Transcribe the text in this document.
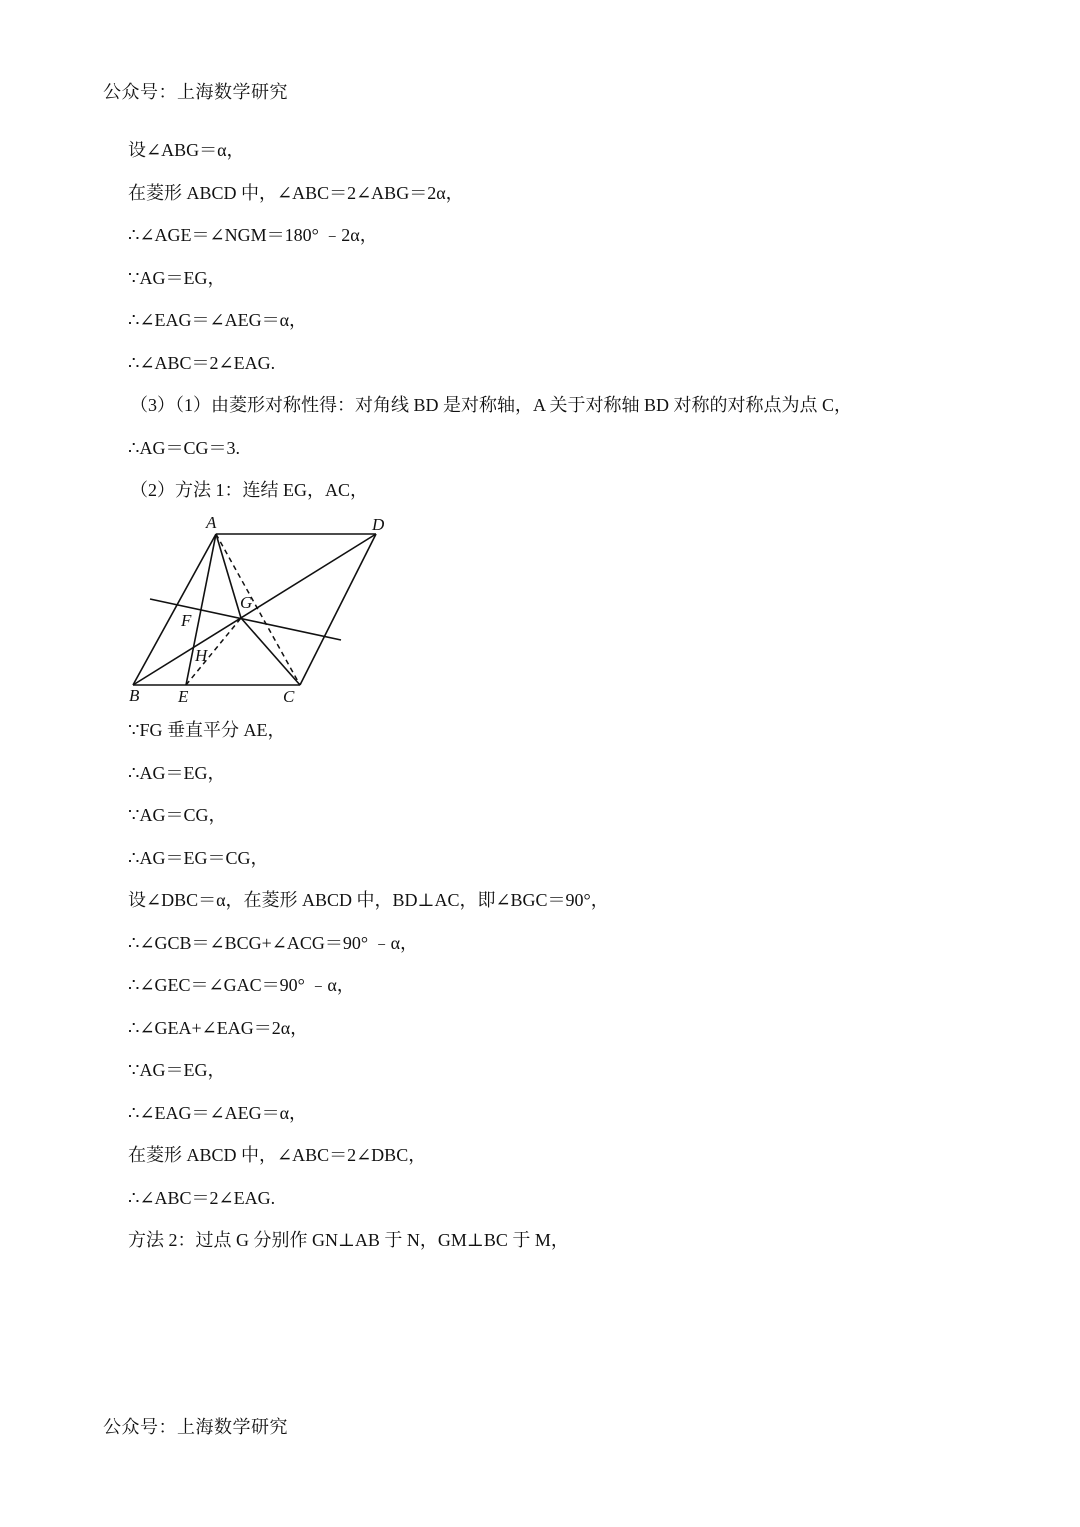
公众号：上海数学研究
设∠ABG＝α，
在菱形 ABCD 中，∠ABC＝2∠ABG＝2α，
∴∠AGE＝∠NGM＝180° ﹣2α，
∵AG＝EG，
∴∠EAG＝∠AEG＝α，
∴∠ABC＝2∠EAG.
（3）（1）由菱形对称性得：对角线 BD 是对称轴，A 关于对称轴 BD 对称的对称点为点 C，
∴AG＝CG＝3.
（2）方法 1：连结 EG，AC，
A	D
G
F
H
B E	C
∵FG 垂直平分 AE，
∴AG＝EG，
∵AG＝CG，
∴AG＝EG＝CG，
设∠DBC＝α，在菱形 ABCD 中，BD⊥AC，即∠BGC＝90°，
∴∠GCB＝∠BCG+∠ACG＝90° ﹣α，
∴∠GEC＝∠GAC＝90° ﹣α，
∴∠GEA+∠EAG＝2α，
∵AG＝EG，
∴∠EAG＝∠AEG＝α，
在菱形 ABCD 中，∠ABC＝2∠DBC，
∴∠ABC＝2∠EAG.
方法 2：过点 G 分别作 GN⊥AB 于 N，GM⊥BC 于 M，
公众号：上海数学研究
